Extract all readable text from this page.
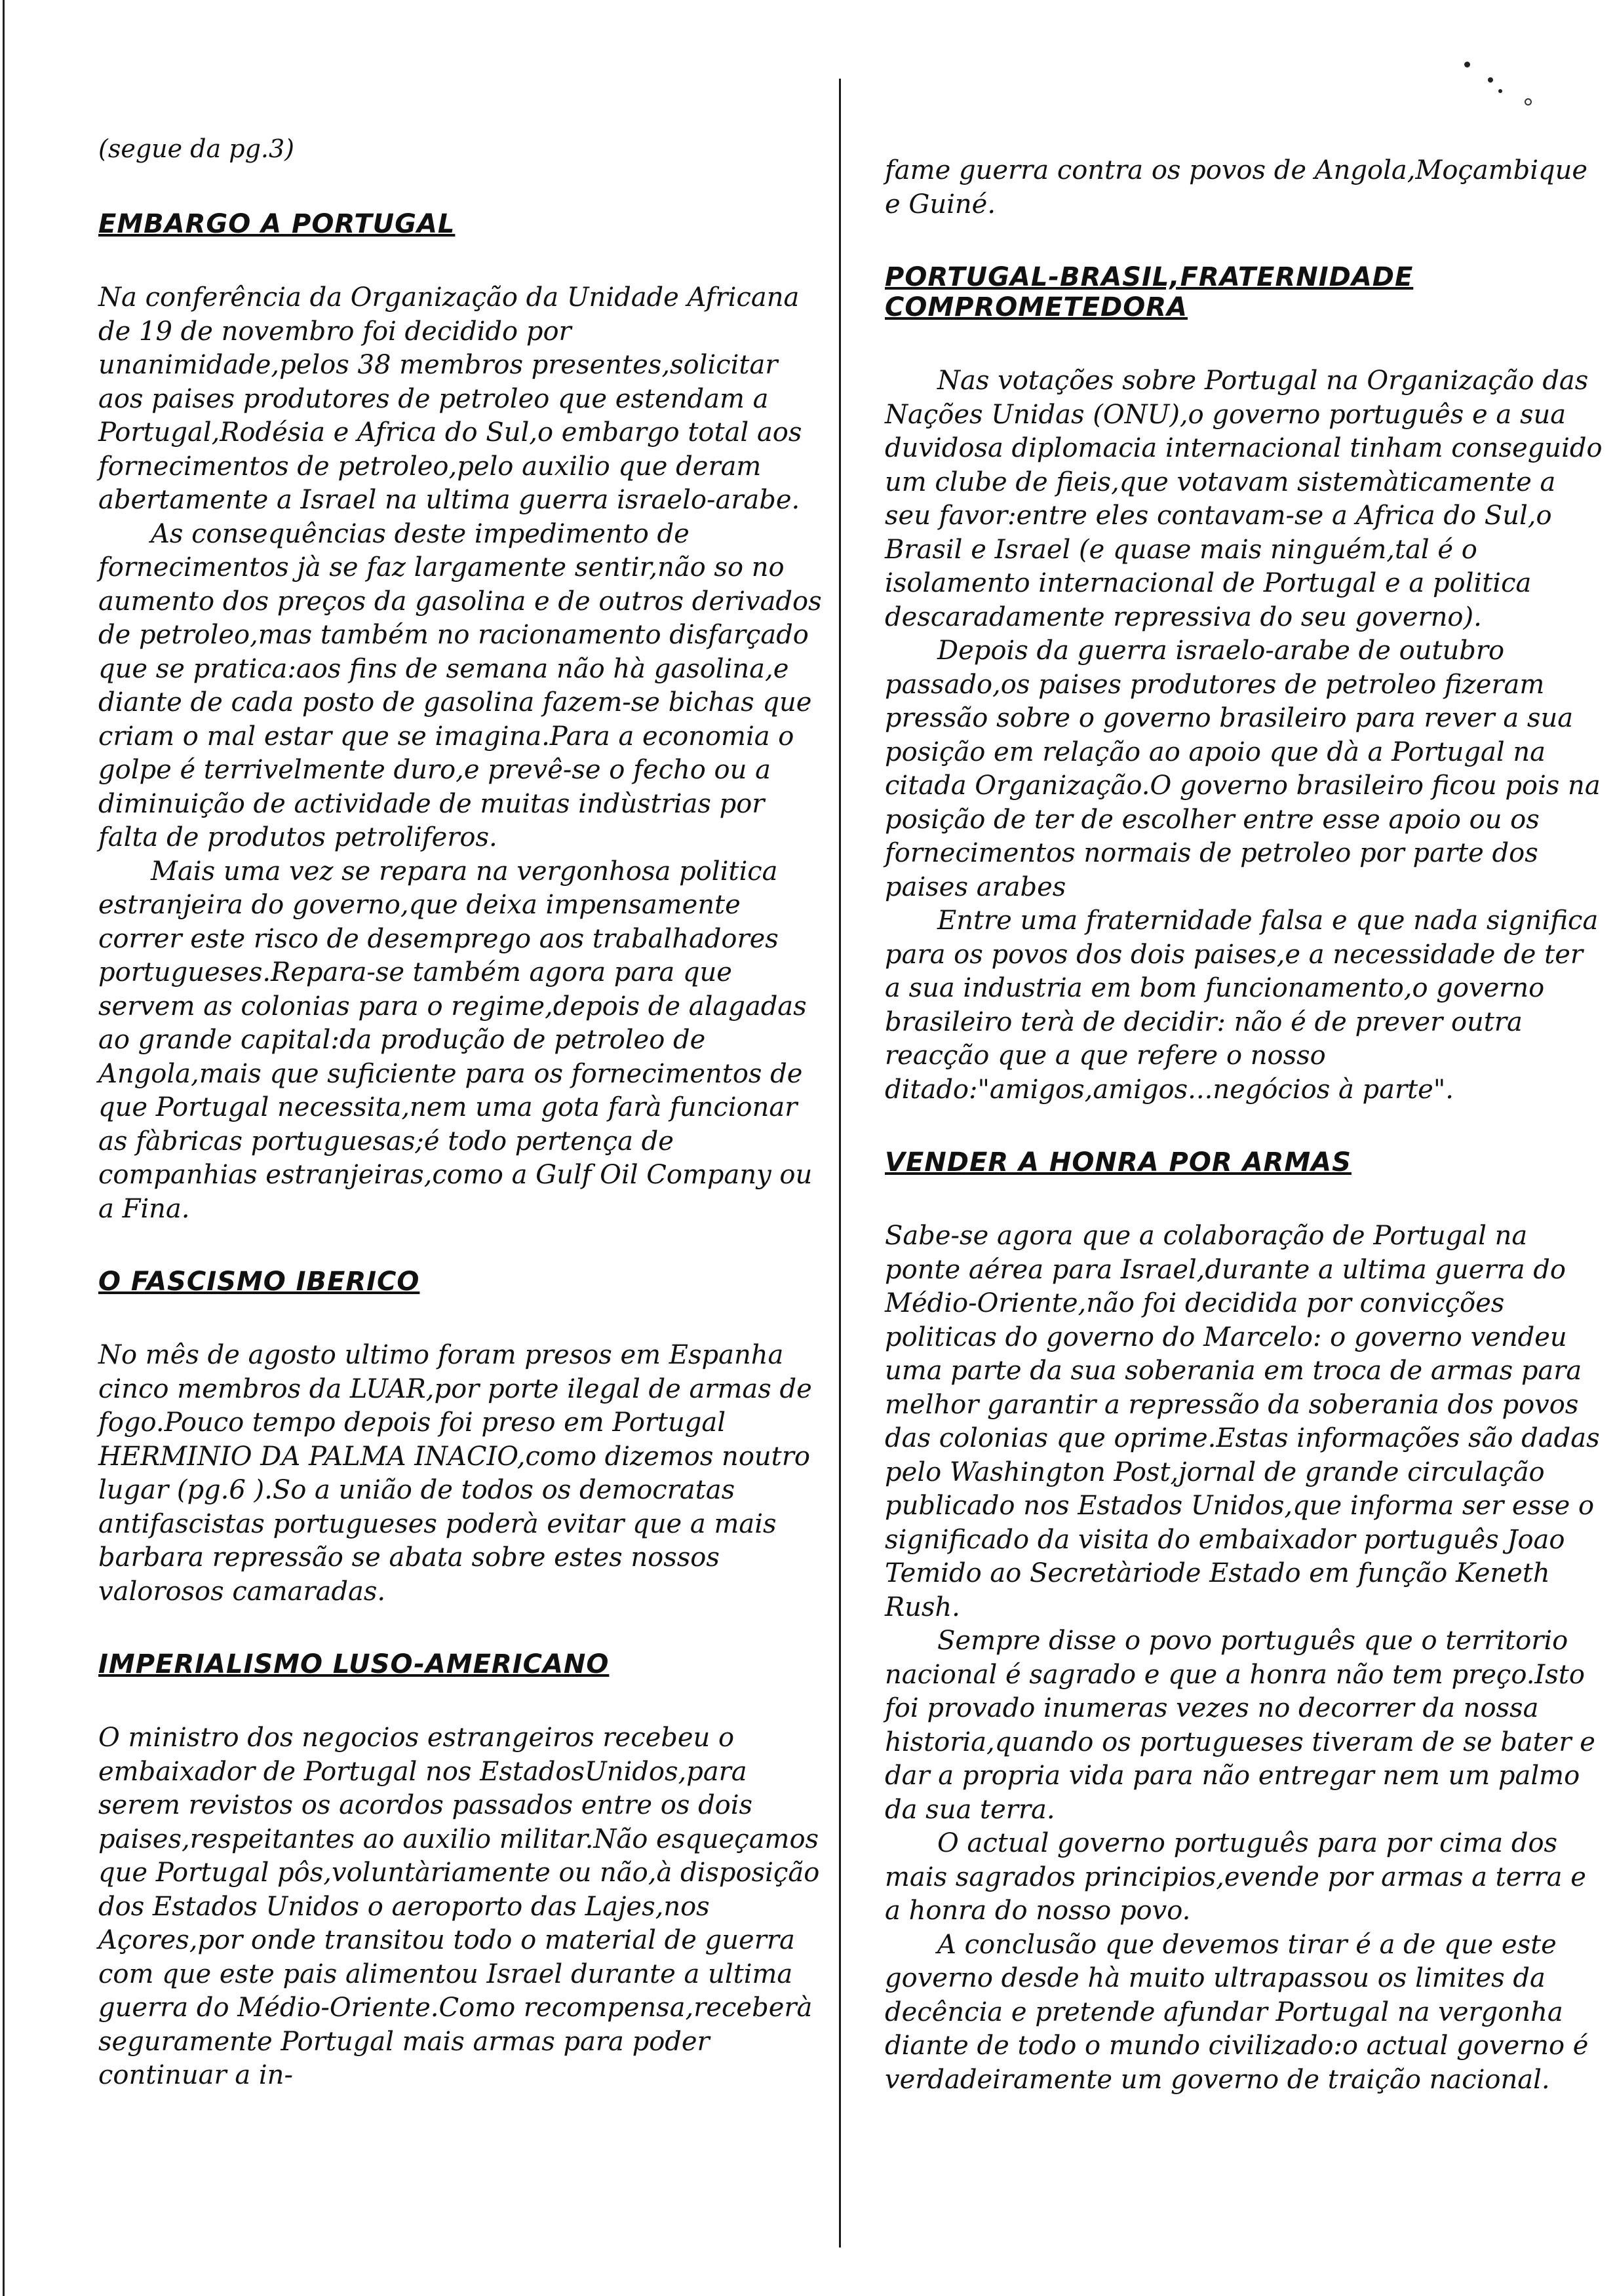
(segue da pg.3)

EMBARGO A PORTUGAL

Na conferência da Organização da Unidade Africana de 19 de novembro foi decidido por unanimidade,pelos 38 membros presentes,solicitar aos paises produtores de petroleo que estendam a Portugal,Rodésia e Africa do Sul,o embargo total aos fornecimentos de petroleo,pelo auxilio que deram abertamente a Israel na ultima guerra israelo-arabe.

As consequências deste impedimento de fornecimentos jà se faz largamente sentir,não so no aumento dos preços da gasolina e de outros derivados de petroleo,mas também no racionamento disfarçado que se pratica:aos fins de semana não hà gasolina,e diante de cada posto de gasolina fazem-se bichas que criam o mal estar que se imagina.Para a economia o golpe é terrivelmente duro,e prevê-se o fecho ou a diminuição de actividade de muitas indùstrias por falta de produtos petroliferos.

Mais uma vez se repara na vergonhosa politica estranjeira do governo,que deixa impensamente correr este risco de desemprego aos trabalhadores portugueses.Repara-se também agora para que servem as colonias para o regime,depois de alagadas ao grande capital:da produção de petroleo de Angola,mais que suficiente para os fornecimentos de que Portugal necessita,nem uma gota farà funcionar as fàbricas portuguesas;é todo pertença de companhias estranjeiras,como a Gulf Oil Company ou a Fina.

O FASCISMO IBERICO

No mês de agosto ultimo foram presos em Espanha cinco membros da LUAR,por porte ilegal de armas de fogo.Pouco tempo depois foi preso em Portugal HERMINIO DA PALMA INACIO,como dizemos noutro lugar (pg.6 ).So a união de todos os democratas antifascistas portugueses poderà evitar que a mais barbara repressão se abata sobre estes nossos valorosos camaradas.

IMPERIALISMO LUSO-AMERICANO

O ministro dos negocios estrangeiros recebeu o embaixador de Portugal nos EstadosUnidos,para serem revistos os acordos passados entre os dois paises,respeitantes ao auxilio militar.Não esqueçamos que Portugal pôs,voluntàriamente ou não,à disposição dos Estados Unidos o aeroporto das Lajes,nos Açores,por onde transitou todo o material de guerra com que este pais alimentou Israel durante a ultima guerra do Médio-Oriente.Como recompensa,receberà seguramente Portugal mais armas para poder continuar a in-

fame guerra contra os povos de Angola,Moçambique e Guiné.

PORTUGAL-BRASIL,FRATERNIDADE COMPROMETEDORA

Nas votações sobre Portugal na Organização das Nações Unidas (ONU),o governo português e a sua duvidosa diplomacia internacional tinham conseguido um clube de fieis,que votavam sistemàticamente a seu favor:entre eles contavam-se a Africa do Sul,o Brasil e Israel (e quase mais ninguém,tal é o isolamento internacional de Portugal e a politica descaradamente repressiva do seu governo).

Depois da guerra israelo-arabe de outubro passado,os paises produtores de petroleo fizeram pressão sobre o governo brasileiro para rever a sua posição em relação ao apoio que dà a Portugal na citada Organização.O governo brasileiro ficou pois na posição de ter de escolher entre esse apoio ou os fornecimentos normais de petroleo por parte dos paises arabes

Entre uma fraternidade falsa e que nada significa para os povos dos dois paises,e a necessidade de ter a sua industria em bom funcionamento,o governo brasileiro terà de decidir: não é de prever outra reacção que a que refere o nosso ditado:"amigos,amigos...negócios à parte".

VENDER A HONRA POR ARMAS

Sabe-se agora que a colaboração de Portugal na ponte aérea para Israel,durante a ultima guerra do Médio-Oriente,não foi decidida por convicções politicas do governo do Marcelo: o governo vendeu uma parte da sua soberania em troca de armas para melhor garantir a repressão da soberania dos povos das colonias que oprime.Estas informações são dadas pelo Washington Post,jornal de grande circulação publicado nos Estados Unidos,que informa ser esse o significado da visita do embaixador português Joao Temido ao Secretàriode Estado em função Keneth Rush.

Sempre disse o povo português que o territorio nacional é sagrado e que a honra não tem preço.Isto foi provado inumeras vezes no decorrer da nossa historia,quando os portugueses tiveram de se bater e dar a propria vida para não entregar nem um palmo da sua terra.

O actual governo português para por cima dos mais sagrados principios,evende por armas a terra e a honra do nosso povo.

A conclusão que devemos tirar é a de que este governo desde hà muito ultrapassou os limites da decência e pretende afundar Portugal na vergonha diante de todo o mundo civilizado:o actual governo é verdadeiramente um governo de traição nacional.
